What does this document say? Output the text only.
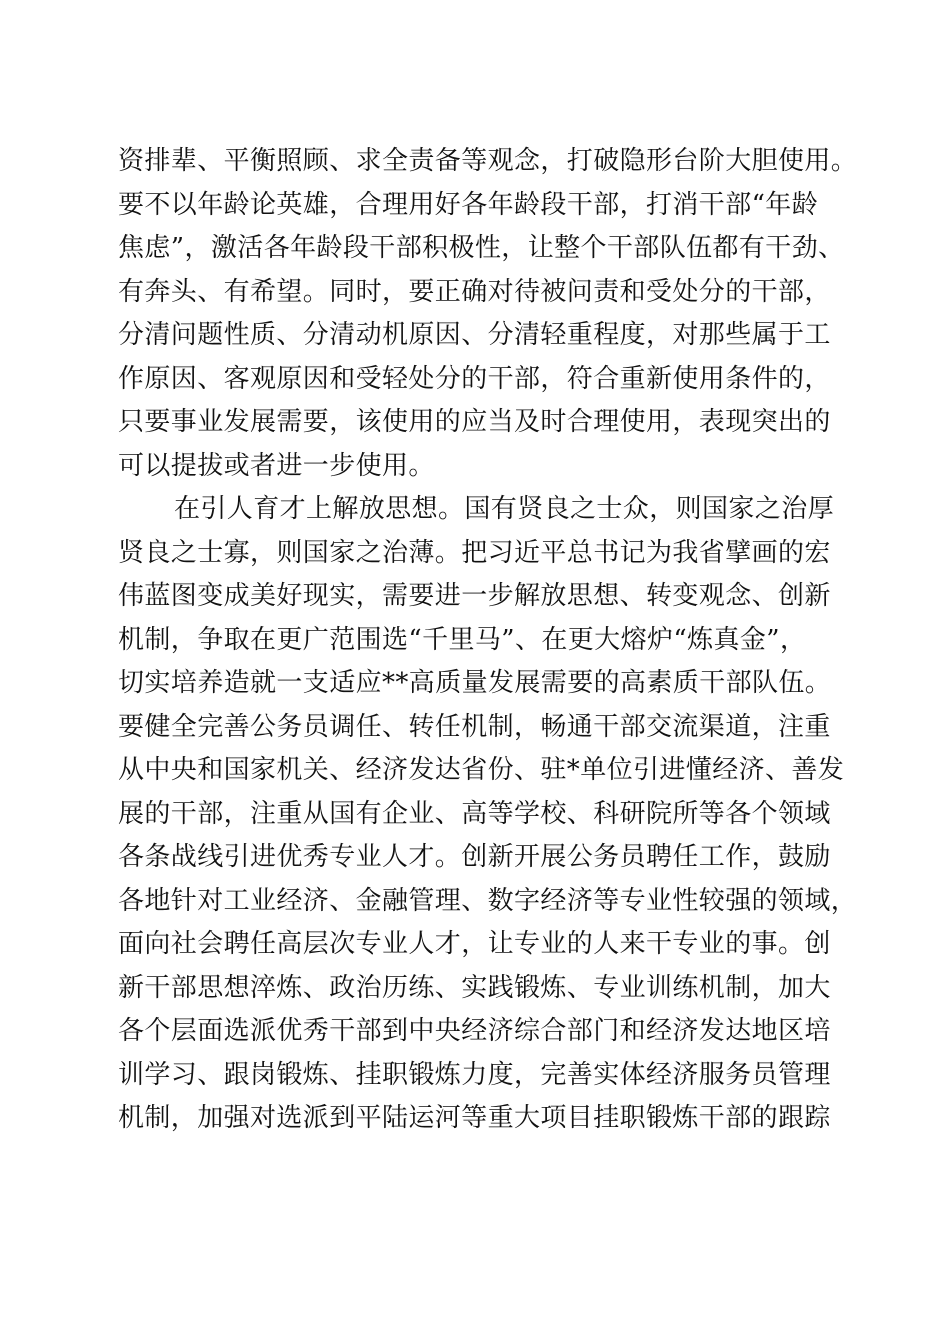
资排辈、平衡照顾、求全责备等观念，打破隐形台阶大胆使用。
要不以年龄论英雄，合理用好各年龄段干部，打消干部“年龄
焦虑”，激活各年龄段干部积极性，让整个干部队伍都有干劲、
有奔头、有希望。同时，要正确对待被问责和受处分的干部，
分清问题性质、分清动机原因、分清轻重程度，对那些属于工
作原因、客观原因和受轻处分的干部，符合重新使用条件的，
只要事业发展需要，该使用的应当及时合理使用，表现突出的
可以提拔或者进一步使用。
在引人育才上解放思想。国有贤良之士众，则国家之治厚
贤良之士寡，则国家之治薄。把习近平总书记为我省擘画的宏
伟蓝图变成美好现实，需要进一步解放思想、转变观念、创新
机制，争取在更广范围选“千里马”、在更大熔炉“炼真金”，
切实培养造就一支适应**高质量发展需要的高素质干部队伍。
要健全完善公务员调任、转任机制，畅通干部交流渠道，注重
从中央和国家机关、经济发达省份、驻*单位引进懂经济、善发
展的干部，注重从国有企业、高等学校、科研院所等各个领域
各条战线引进优秀专业人才。创新开展公务员聘任工作，鼓励
各地针对工业经济、金融管理、数字经济等专业性较强的领域，
面向社会聘任高层次专业人才，让专业的人来干专业的事。创
新干部思想淬炼、政治历练、实践锻炼、专业训练机制，加大
各个层面选派优秀干部到中央经济综合部门和经济发达地区培
训学习、跟岗锻炼、挂职锻炼力度，完善实体经济服务员管理
机制，加强对选派到平陆运河等重大项目挂职锻炼干部的跟踪
